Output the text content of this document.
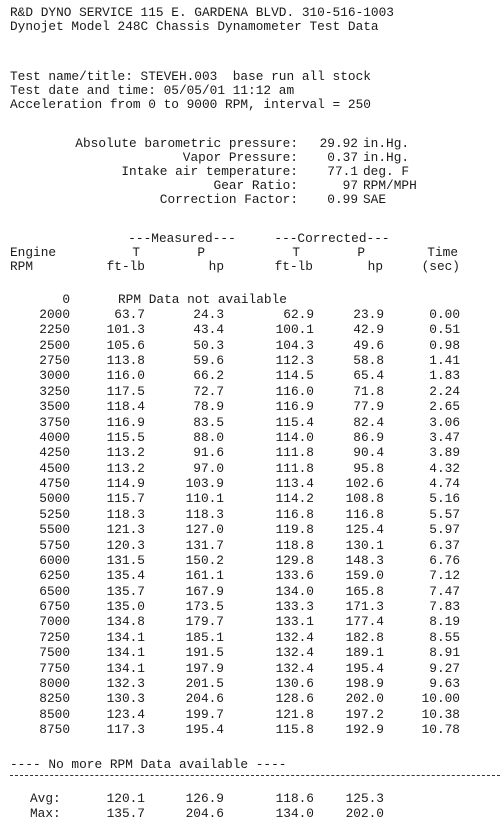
R&D DYNO SERVICE 115 E. GARDENA BLVD. 310-516-1003
Dynojet Model 248C Chassis Dynamometer Test Data
Test name/title: STEVEH.003  base run all stock
Test date and time: 05/05/01 11:12 am
Acceleration from 0 to 9000 RPM, interval = 250
Absolute barometric pressure:	29.92 in.Hg.
Vapor Pressure:	0.37 in.Hg.
Intake air temperature:	77.1 deg. F
Gear Ratio:	97 RPM/MPH
Correction Factor:	0.99 SAE
---Measured---	---Corrected---
Engine	T	P	T	P	Time
RPM	ft-lb	hp	ft-lb	hp	(sec)
0	RPM Data not available
2000	63.7	24.3	62.9	23.9	0.00
2250	101.3	43.4	100.1	42.9	0.51
2500	105.6	50.3	104.3	49.6	0.98
2750	113.8	59.6	112.3	58.8	1.41
3000	116.0	66.2	114.5	65.4	1.83
3250	117.5	72.7	116.0	71.8	2.24
3500	118.4	78.9	116.9	77.9	2.65
3750	116.9	83.5	115.4	82.4	3.06
4000	115.5	88.0	114.0	86.9	3.47
4250	113.2	91.6	111.8	90.4	3.89
4500	113.2	97.0	111.8	95.8	4.32
4750	114.9	103.9	113.4	102.6	4.74
5000	115.7	110.1	114.2	108.8	5.16
5250	118.3	118.3	116.8	116.8	5.57
5500	121.3	127.0	119.8	125.4	5.97
5750	120.3	131.7	118.8	130.1	6.37
6000	131.5	150.2	129.8	148.3	6.76
6250	135.4	161.1	133.6	159.0	7.12
6500	135.7	167.9	134.0	165.8	7.47
6750	135.0	173.5	133.3	171.3	7.83
7000	134.8	179.7	133.1	177.4	8.19
7250	134.1	185.1	132.4	182.8	8.55
7500	134.1	191.5	132.4	189.1	8.91
7750	134.1	197.9	132.4	195.4	9.27
8000	132.3	201.5	130.6	198.9	9.63
8250	130.3	204.6	128.6	202.0	10.00
8500	123.4	199.7	121.8	197.2	10.38
8750	117.3	195.4	115.8	192.9	10.78
---- No more RPM Data available ----
Avg:	120.1	126.9	118.6	125.3
Max:	135.7	204.6	134.0	202.0
